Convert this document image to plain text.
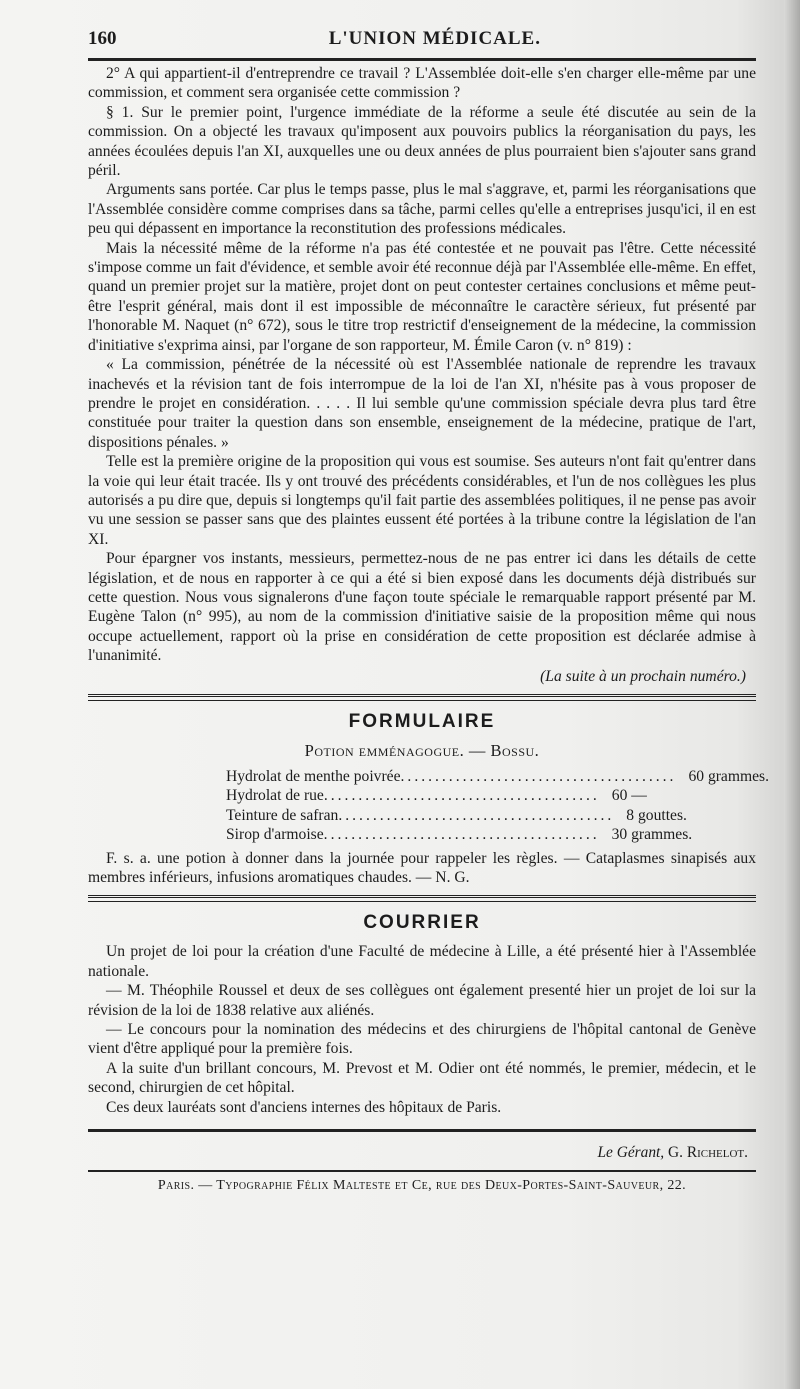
160	L'UNION MÉDICALE.

2° A qui appartient-il d'entreprendre ce travail ? L'Assemblée doit-elle s'en charger elle-même par une commission, et comment sera organisée cette commission ?

§ 1. Sur le premier point, l'urgence immédiate de la réforme a seule été discutée au sein de la commission. On a objecté les travaux qu'imposent aux pouvoirs publics la réorganisation du pays, les années écoulées depuis l'an XI, auxquelles une ou deux années de plus pourraient bien s'ajouter sans grand péril.

Arguments sans portée. Car plus le temps passe, plus le mal s'aggrave, et, parmi les réorganisations que l'Assemblée considère comme comprises dans sa tâche, parmi celles qu'elle a entreprises jusqu'ici, il en est peu qui dépassent en importance la reconstitution des professions médicales.

Mais la nécessité même de la réforme n'a pas été contestée et ne pouvait pas l'être. Cette nécessité s'impose comme un fait d'évidence, et semble avoir été reconnue déjà par l'Assemblée elle-même. En effet, quand un premier projet sur la matière, projet dont on peut contester certaines conclusions et même peut-être l'esprit général, mais dont il est impossible de méconnaître le caractère sérieux, fut présenté par l'honorable M. Naquet (n° 672), sous le titre trop restrictif d'enseignement de la médecine, la commission d'initiative s'exprima ainsi, par l'organe de son rapporteur, M. Émile Caron (v. n° 819) :

« La commission, pénétrée de la nécessité où est l'Assemblée nationale de reprendre les travaux inachevés et la révision tant de fois interrompue de la loi de l'an XI, n'hésite pas à vous proposer de prendre le projet en considération. . . . . Il lui semble qu'une commission spéciale devra plus tard être constituée pour traiter la question dans son ensemble, enseignement de la médecine, pratique de l'art, dispositions pénales. »

Telle est la première origine de la proposition qui vous est soumise. Ses auteurs n'ont fait qu'entrer dans la voie qui leur était tracée. Ils y ont trouvé des précédents considérables, et l'un de nos collègues les plus autorisés a pu dire que, depuis si longtemps qu'il fait partie des assemblées politiques, il ne pense pas avoir vu une session se passer sans que des plaintes eussent été portées à la tribune contre la législation de l'an XI.

Pour épargner vos instants, messieurs, permettez-nous de ne pas entrer ici dans les détails de cette législation, et de nous en rapporter à ce qui a été si bien exposé dans les documents déjà distribués sur cette question. Nous vous signalerons d'une façon toute spéciale le remarquable rapport présenté par M. Eugène Talon (n° 995), au nom de la commission d'initiative saisie de la proposition même qui nous occupe actuellement, rapport où la prise en considération de cette proposition est déclarée admise à l'unanimité.

(La suite à un prochain numéro.)
FORMULAIRE
Potion emménagogue. — Bossu.
Hydrolat de menthe poivrée ........................................ 60 grammes.
Hydrolat de rue ........................................ 60 —
Teinture de safran ........................................ 8 gouttes.
Sirop d'armoise ........................................ 30 grammes.

F. s. a. une potion à donner dans la journée pour rappeler les règles. — Cataplasmes sinapisés aux membres inférieurs, infusions aromatiques chaudes. — N. G.

COURRIER

Un projet de loi pour la création d'une Faculté de médecine à Lille, a été présenté hier à l'Assemblée nationale.

— M. Théophile Roussel et deux de ses collègues ont également presenté hier un projet de loi sur la révision de la loi de 1838 relative aux aliénés.

— Le concours pour la nomination des médecins et des chirurgiens de l'hôpital cantonal de Genève vient d'être appliqué pour la première fois.

A la suite d'un brillant concours, M. Prevost et M. Odier ont été nommés, le premier, médecin, et le second, chirurgien de cet hôpital.

Ces deux lauréats sont d'anciens internes des hôpitaux de Paris.

Le Gérant, G. Richelot.
Paris. — Typographie Félix Malteste et Ce, rue des Deux-Portes-Saint-Sauveur, 22.
